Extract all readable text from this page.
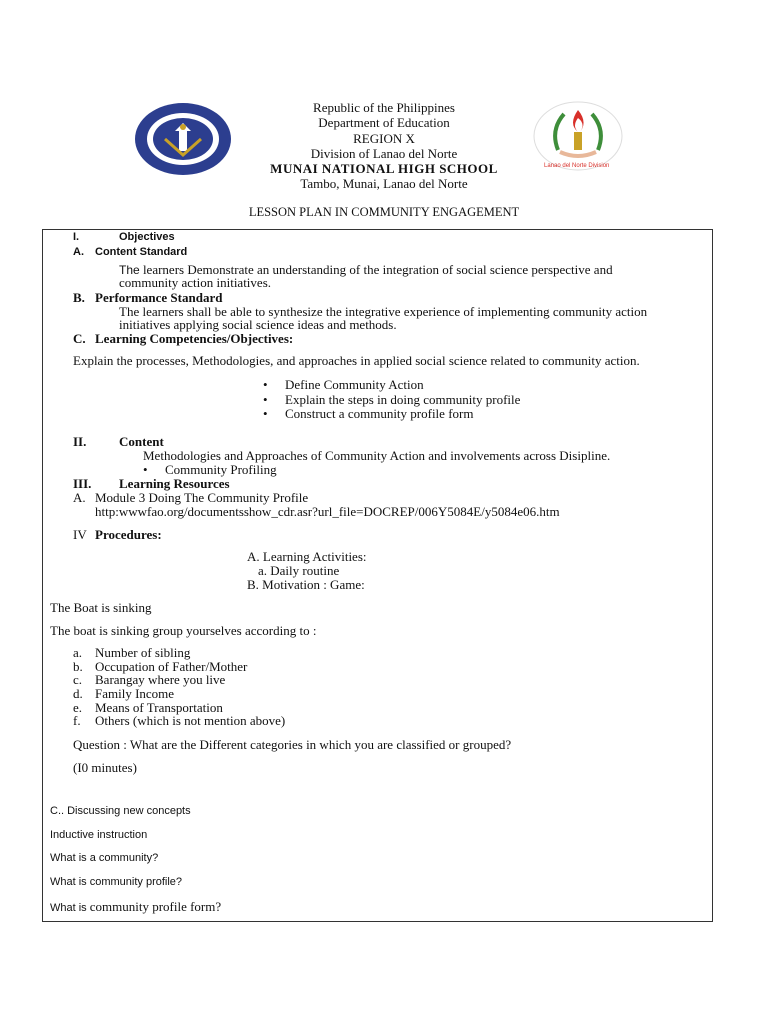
Lanao del Norte Division
Republic of the Philippines
Department of Education
REGION X
Division of Lanao del Norte
MUNAI NATIONAL HIGH SCHOOL
Tambo, Munai, Lanao del Norte
LESSON PLAN IN COMMUNITY ENGAGEMENT
I.	Objectives
A. Content Standard
The learners Demonstrate an understanding of the integration of social science perspective and
community action initiatives.
B. Performance Standard
The learners shall be able to synthesize the integrative experience of implementing community action
initiatives applying social science ideas and methods.
C. Learning Competencies/Objectives:
Explain the processes, Methodologies, and approaches in applied social science related to community action.
• Define Community Action
• Explain the steps in doing community profile
• Construct a community profile form
II.	Content
Methodologies and Approaches of Community Action and involvements across Disipline.
• Community Profiling
III. Learning Resources
A. Module 3 Doing The Community Profile
http:wwwfao.org/documentsshow_cdr.asr?url_file=DOCREP/006Y5084E/y5084e06.htm
IV Procedures:
A. Learning Activities:
a. Daily routine
B. Motivation : Game:
The Boat is sinking
The boat is sinking group yourselves according to :
a. Number of sibling
b. Occupation of Father/Mother
c. Barangay where you live
d. Family Income
e. Means of Transportation
f. Others (which is not mention above)
Question : What are the Different categories in which you are classified or grouped?
(I0 minutes)
C.. Discussing new concepts
Inductive instruction
What is a community?
What is community profile?
What is community profile form?
